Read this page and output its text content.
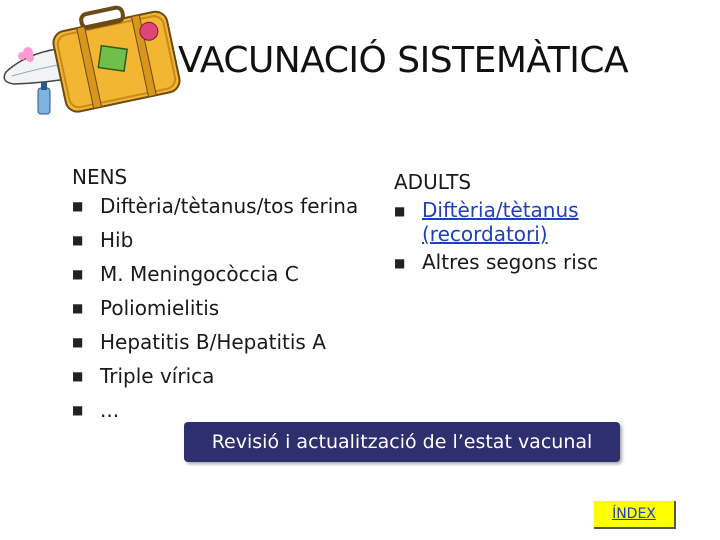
VACUNACIÓ SISTEMÀTICA
NENS
■ Diftèria/tètanus/tos ferina
■ Hib
■ M. Meningocòccia C
■ Poliomielitis
■ Hepatitis B/Hepatitis A
■ Triple vírica
■ ...
ADULTS
■ Diftèria/tètanus
(recordatori)
■ Altres segons risc
Revisió i actualització de l’estat vacunal
ÍNDEX
